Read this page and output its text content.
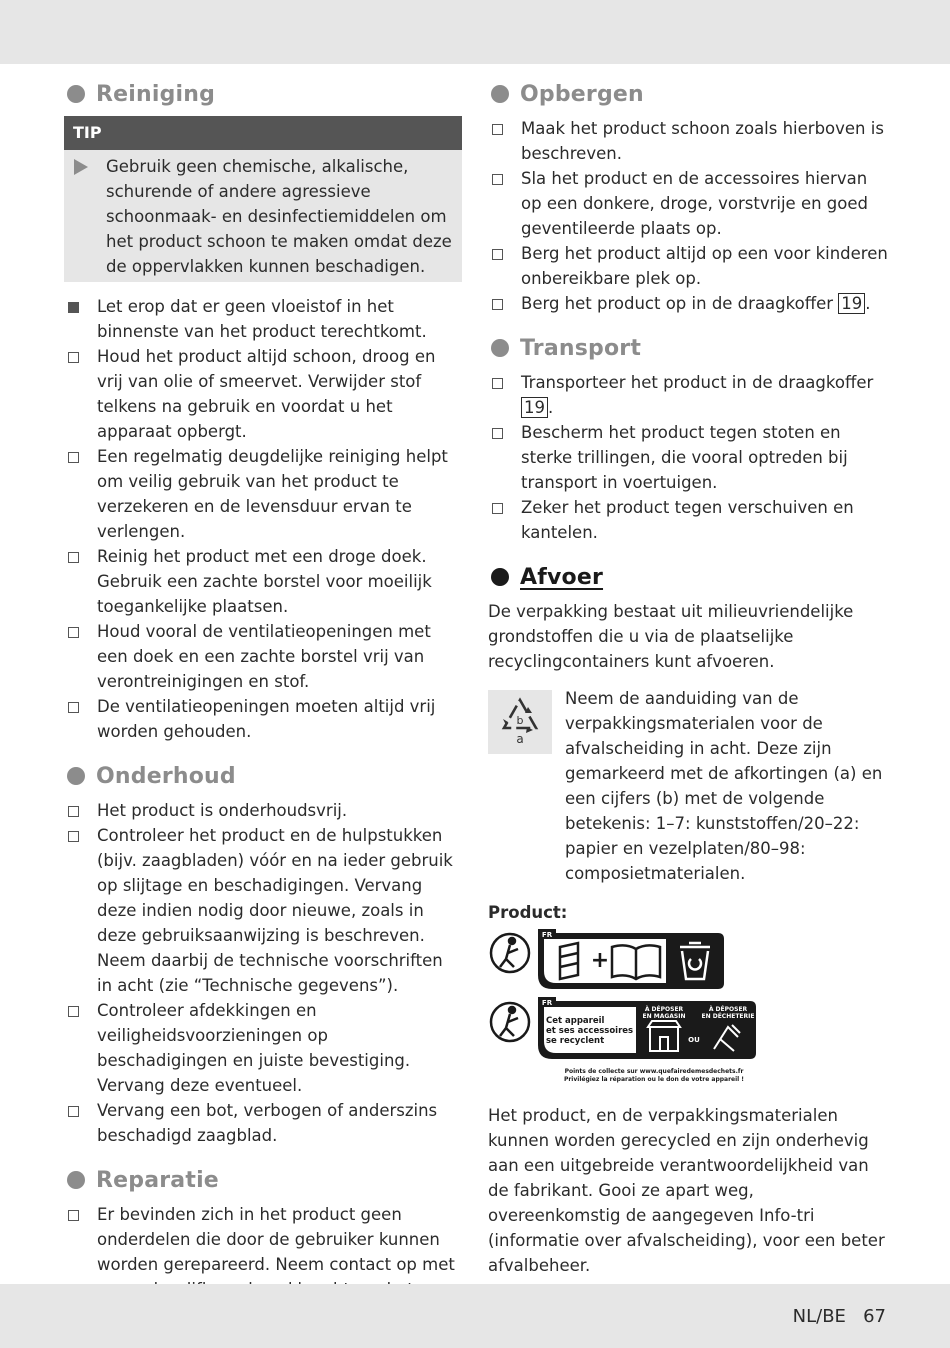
Reiniging
TIP
Gebruik geen chemische, alkalische, schurende of andere agressieve schoonmaak- en desinfectiemiddelen om het product schoon te maken omdat deze de oppervlakken kunnen beschadigen.
Let erop dat er geen vloeistof in het binnenste van het product terechtkomt.
Houd het product altijd schoon, droog en vrij van olie of smeervet. Verwijder stof telkens na gebruik en voordat u het apparaat opbergt.
Een regelmatig deugdelijke reiniging helpt om veilig gebruik van het product te verzekeren en de levensduur ervan te verlengen.
Reinig het product met een droge doek. Gebruik een zachte borstel voor moeilijk toegankelijke plaatsen.
Houd vooral de ventilatieopeningen met een doek en een zachte borstel vrij van verontreinigingen en stof.
De ventilatieopeningen moeten altijd vrij worden gehouden.
Onderhoud
Het product is onderhoudsvrij.
Controleer het product en de hulpstukken (bijv. zaagbladen) vóór en na ieder gebruik op slijtage en beschadigingen. Vervang deze indien nodig door nieuwe, zoals in deze gebruiksaanwijzing is beschreven.
Neem daarbij de technische voorschriften in acht (zie “Technische gegevens”).
Controleer afdekkingen en veiligheidsvoorzieningen op beschadigingen en juiste bevestiging. Vervang deze eventueel.
Vervang een bot, verbogen of anderszins beschadigd zaagblad.
Reparatie
Er bevinden zich in het product geen onderdelen die door de gebruiker kunnen worden gerepareerd. Neem contact op met
Opbergen
Maak het product schoon zoals hierboven is beschreven.
Sla het product en de accessoires hiervan op een donkere, droge, vorstvrije en goed geventileerde plaats op.
Berg het product altijd op een voor kinderen onbereikbare plek op.
Berg het product op in de draagkoffer 19 .
Transport
Transporteer het product in de draagkoffer 19 .
Bescherm het product tegen stoten en sterke trillingen, die vooral optreden bij transport in voertuigen.
Zeker het product tegen verschuiven en kantelen.
Afvoer

De verpakking bestaat uit milieuvriendelijke grondstoffen die u via de plaatselijke recyclingcontainers kunt afvoeren.

b
a
Neem de aanduiding van de verpakkingsmaterialen voor de afvalscheiding in acht. Deze zijn gemarkeerd met de afkortingen (a) en een cijfers (b) met de volgende betekenis: 1–7: kunststoffen/20–22: papier en vezelplaten/80–98: composietmaterialen.

Product:

FR
+
FR
Cet appareil
et ses accessoires
se recyclent
À DÉPOSER
EN MAGASIN
OU
À DÉPOSER
EN DÉCHETERIE
Points de collecte sur www.quefairedemesdechets.fr
Privilégiez la réparation ou le don de votre appareil !

Het product, en de verpakkingsmaterialen kunnen worden gerecycled en zijn onderhevig aan een uitgebreide verantwoordelijkheid van de fabrikant. Gooi ze apart weg, overeenkomstig de aangegeven Info-tri (informatie over afvalscheiding), voor een beter afvalbeheer.

NL/BE 67
